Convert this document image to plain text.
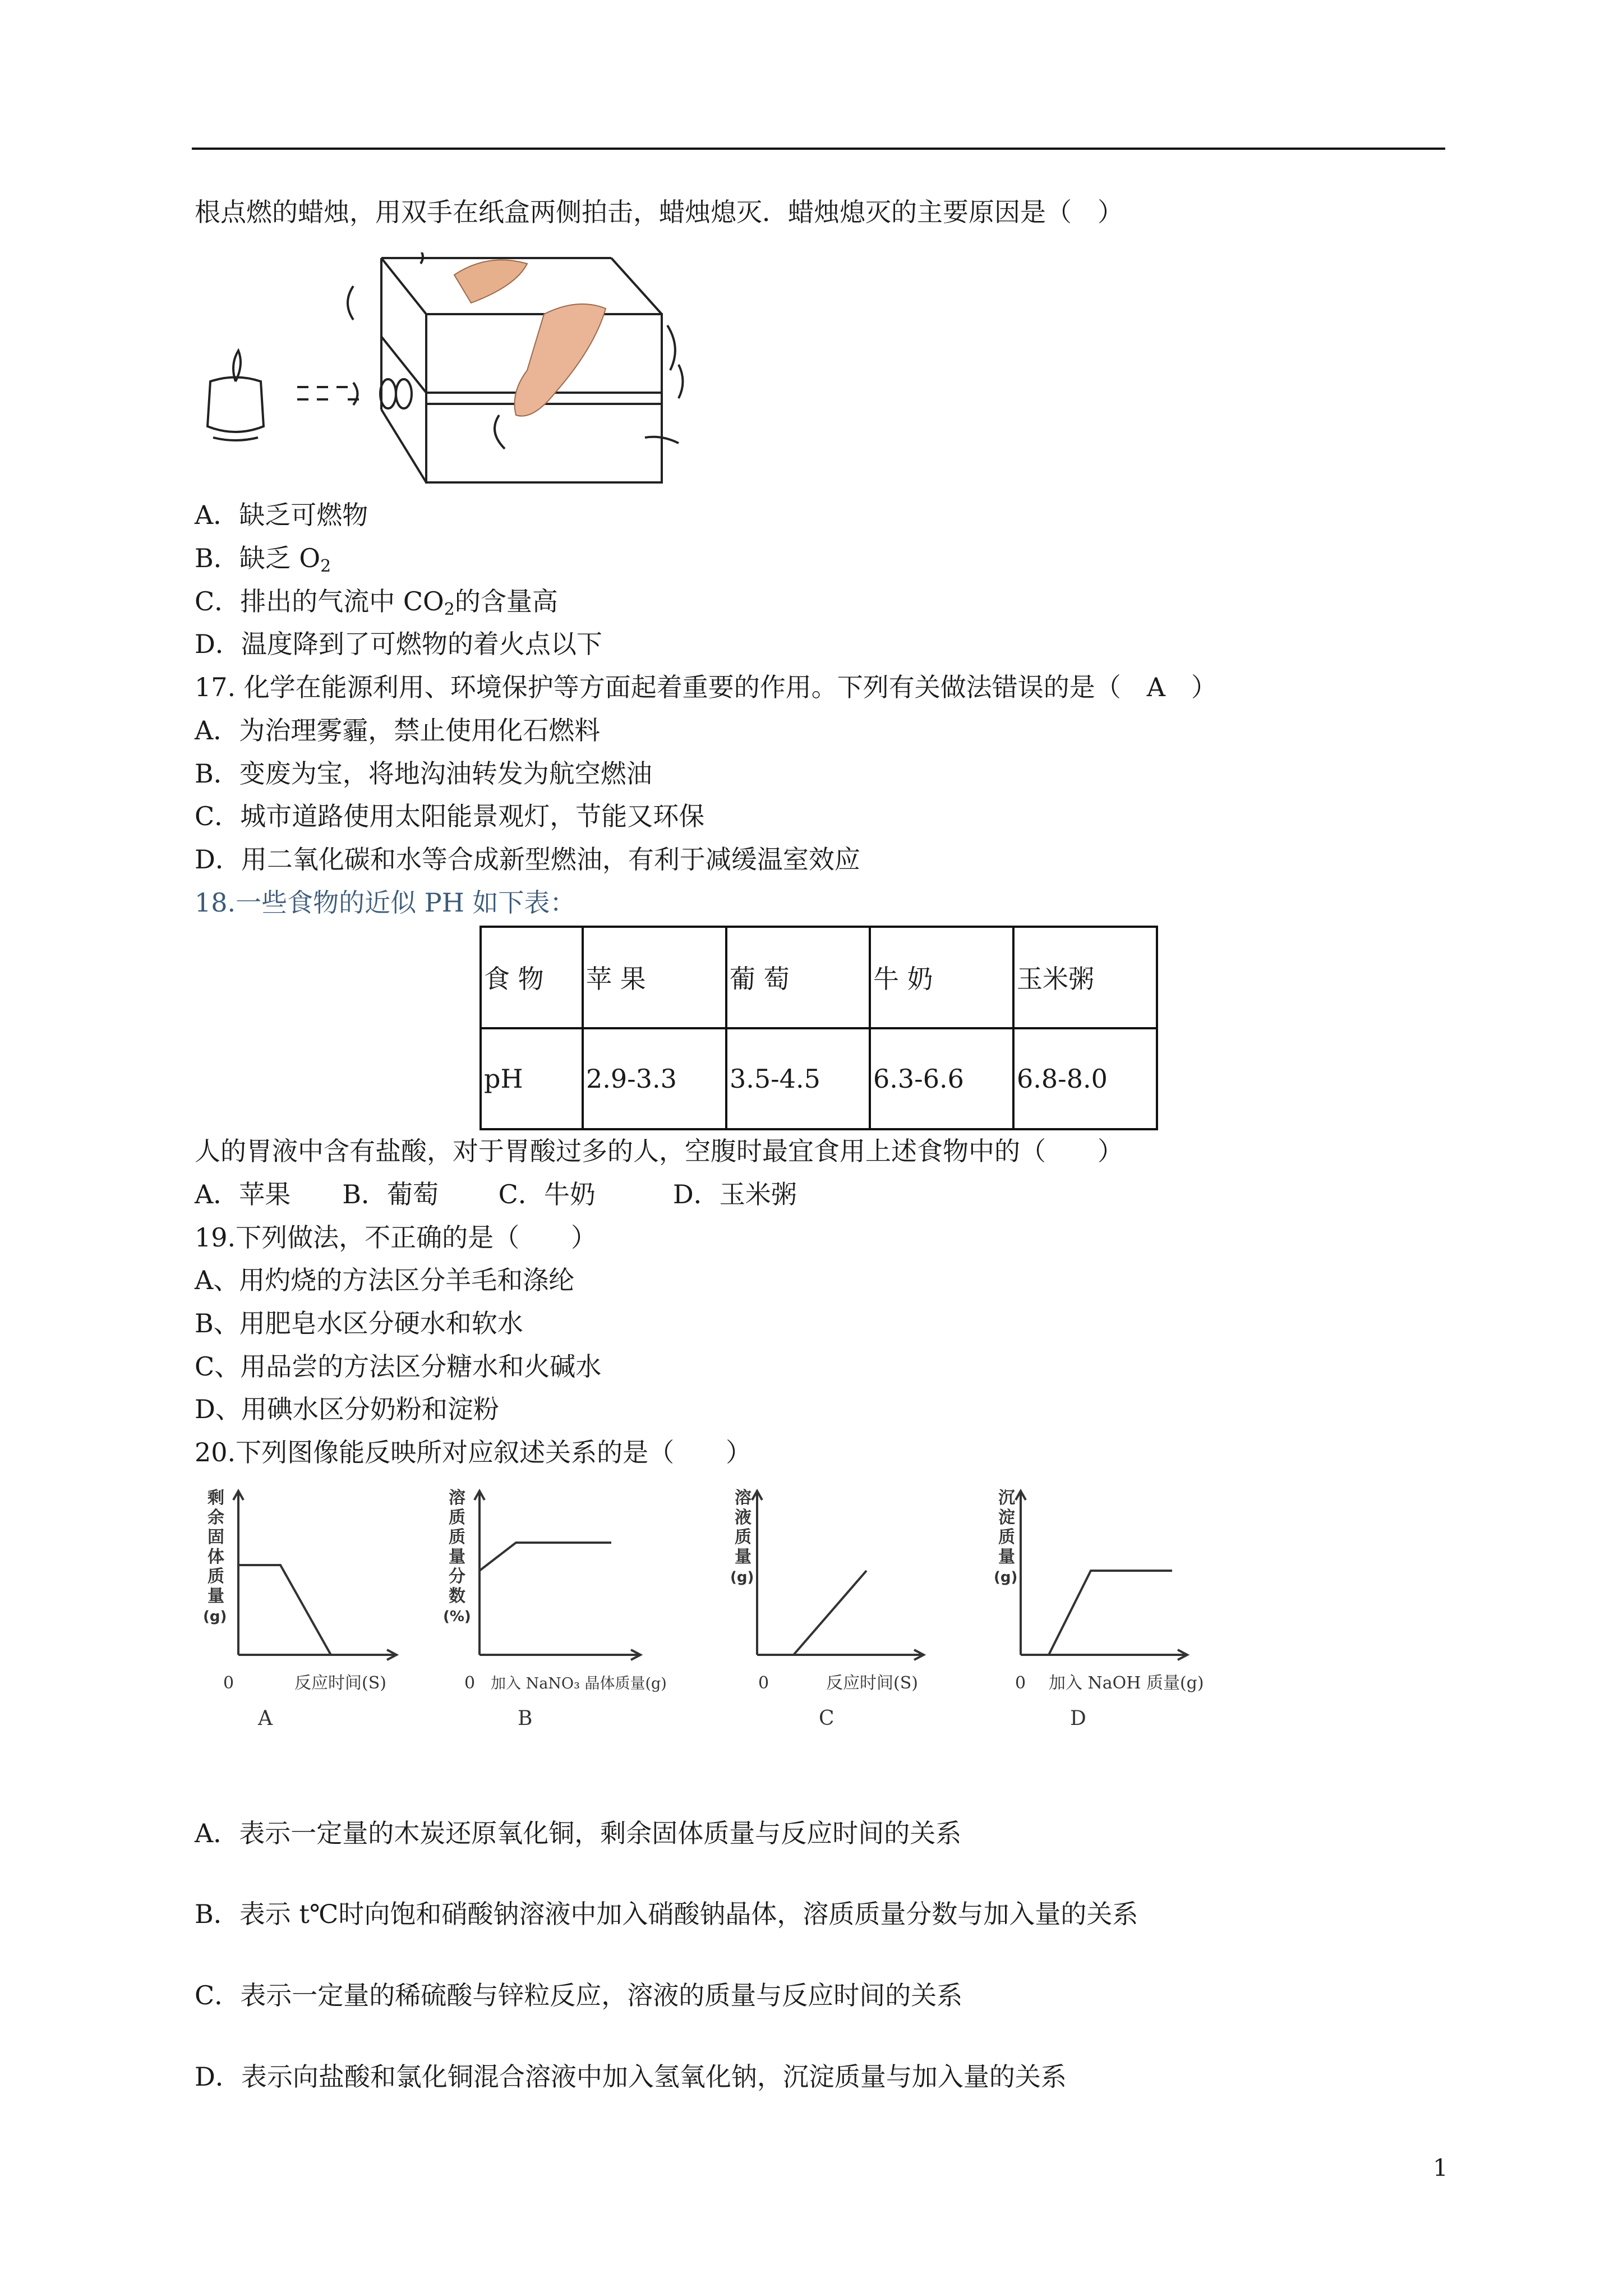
根点燃的蜡烛，用双手在纸盒两侧拍击，蜡烛熄灭．蜡烛熄灭的主要原因是（　）
A．缺乏可燃物
B．缺乏 $O_2$
C．排出的气流中 $CO_2$的含量高
D．温度降到了可燃物的着火点以下
17. 化学在能源利用、环境保护等方面起着重要的作用。下列有关做法错误的是（　A　）
A．为治理雾霾，禁止使用化石燃料
B．变废为宝，将地沟油转发为航空燃油
C．城市道路使用太阳能景观灯，节能又环保
D．用二氧化碳和水等合成新型燃油，有利于减缓温室效应
18.一些食物的近似 PH 如下表：
食 物	苹 果	葡 萄	牛 奶	玉米粥
pH	2.9-3.3	3.5-4.5	6.3-6.6	6.8-8.0
人的胃液中含有盐酸，对于胃酸过多的人，空腹时最宜食用上述食物中的（　　）
A．苹果　　B．葡萄　　 C．牛奶　　　D．玉米粥
19.下列做法，不正确的是（　　）
A、用灼烧的方法区分羊毛和涤纶
B、用肥皂水区分硬水和软水
C、用品尝的方法区分糖水和火碱水
D、用碘水区分奶粉和淀粉
20.下列图像能反映所对应叙述关系的是（　　）
剩
余
固
体
质
量
(g)
0	反应时间(S)
A
溶
质
质
量
分
数
(%)
0 加入 NaNO₃ 晶体质量(g)
B
溶
液
质
量
(g)
0	反应时间(S)
C
沉
淀
质
量
(g)
0 加入 NaOH 质量(g)
D
A．表示一定量的木炭还原氧化铜，剩余固体质量与反应时间的关系
B．表示 t℃时向饱和硝酸钠溶液中加入硝酸钠晶体，溶质质量分数与加入量的关系
C．表示一定量的稀硫酸与锌粒反应，溶液的质量与反应时间的关系
D．表示向盐酸和氯化铜混合溶液中加入氢氧化钠，沉淀质量与加入量的关系
1
